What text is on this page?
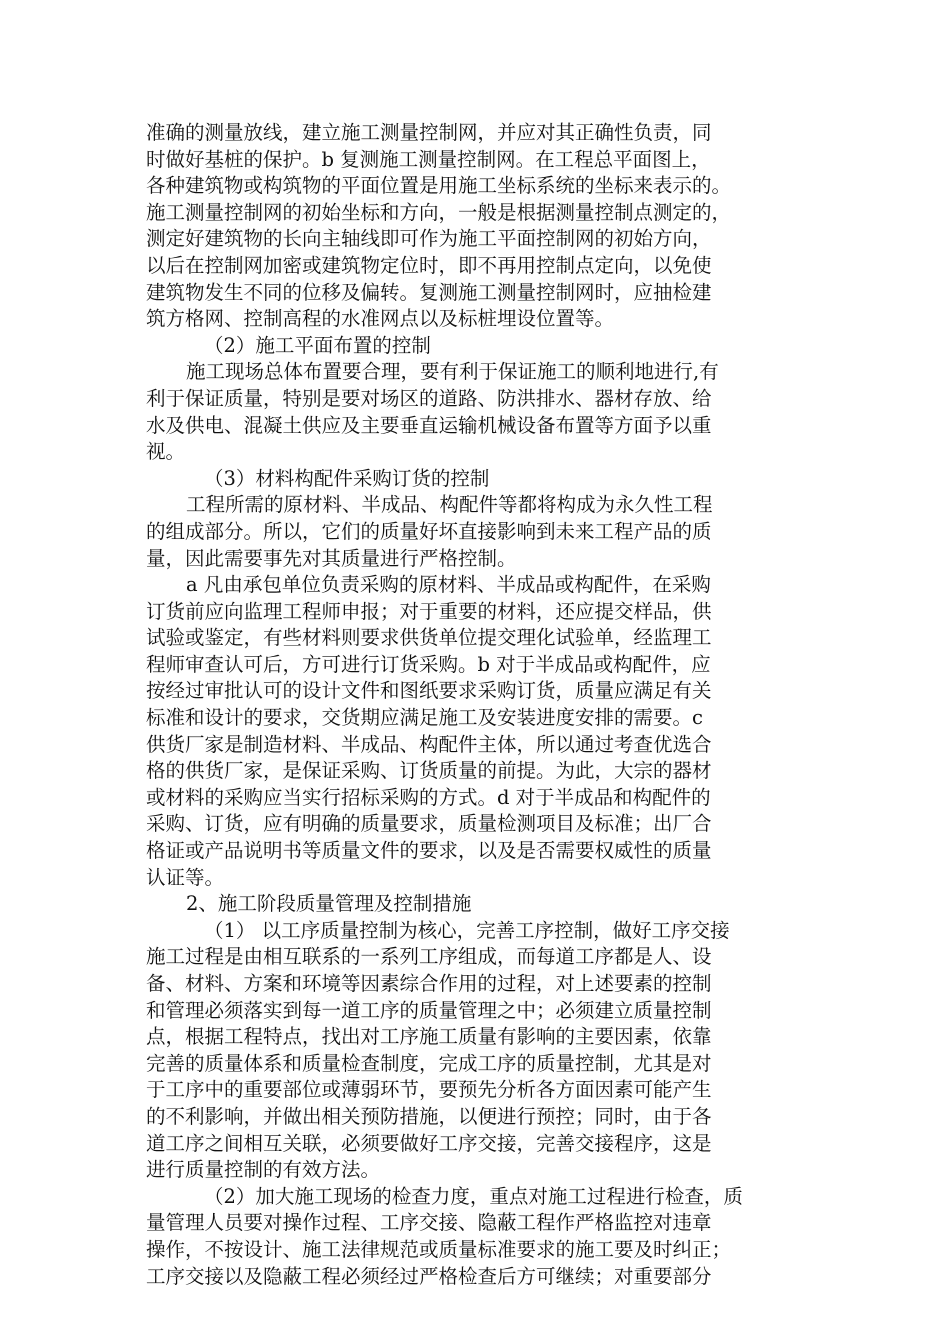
准确的测量放线，建立施工测量控制网，并应对其正确性负责，同
时做好基桩的保护。b 复测施工测量控制网。在工程总平面图上，
各种建筑物或构筑物的平面位置是用施工坐标系统的坐标来表示的。
施工测量控制网的初始坐标和方向，一般是根据测量控制点测定的，
测定好建筑物的长向主轴线即可作为施工平面控制网的初始方向，
以后在控制网加密或建筑物定位时，即不再用控制点定向，以免使
建筑物发生不同的位移及偏转。复测施工测量控制网时，应抽检建
筑方格网、控制高程的水准网点以及标桩埋设位置等。
（2）施工平面布置的控制
施工现场总体布置要合理，要有利于保证施工的顺利地进行,有
利于保证质量，特别是要对场区的道路、防洪排水、器材存放、给
水及供电、混凝土供应及主要垂直运输机械设备布置等方面予以重
视。
（3）材料构配件采购订货的控制
工程所需的原材料、半成品、构配件等都将构成为永久性工程
的组成部分。所以，它们的质量好坏直接影响到未来工程产品的质
量，因此需要事先对其质量进行严格控制。
a 凡由承包单位负责采购的原材料、半成品或构配件，在采购
订货前应向监理工程师申报；对于重要的材料，还应提交样品，供
试验或鉴定，有些材料则要求供货单位提交理化试验单，经监理工
程师审查认可后，方可进行订货采购。b 对于半成品或构配件，应
按经过审批认可的设计文件和图纸要求采购订货，质量应满足有关
标准和设计的要求，交货期应满足施工及安装进度安排的需要。c
供货厂家是制造材料、半成品、构配件主体，所以通过考查优选合
格的供货厂家，是保证采购、订货质量的前提。为此，大宗的器材
或材料的采购应当实行招标采购的方式。d 对于半成品和构配件的
采购、订货，应有明确的质量要求，质量检测项目及标准；出厂合
格证或产品说明书等质量文件的要求，以及是否需要权威性的质量
认证等。
2、施工阶段质量管理及控制措施
（1） 以工序质量控制为核心，完善工序控制，做好工序交接
施工过程是由相互联系的一系列工序组成，而每道工序都是人、设
备、材料、方案和环境等因素综合作用的过程，对上述要素的控制
和管理必须落实到每一道工序的质量管理之中；必须建立质量控制
点，根据工程特点，找出对工序施工质量有影响的主要因素，依靠
完善的质量体系和质量检查制度，完成工序的质量控制，尤其是对
于工序中的重要部位或薄弱环节，要预先分析各方面因素可能产生
的不利影响，并做出相关预防措施，以便进行预控；同时，由于各
道工序之间相互关联，必须要做好工序交接，完善交接程序，这是
进行质量控制的有效方法。
（2）加大施工现场的检查力度，重点对施工过程进行检查，质
量管理人员要对操作过程、工序交接、隐蔽工程作严格监控对违章
操作，不按设计、施工法律规范或质量标准要求的施工要及时纠正；
工序交接以及隐蔽工程必须经过严格检查后方可继续；对重要部分
